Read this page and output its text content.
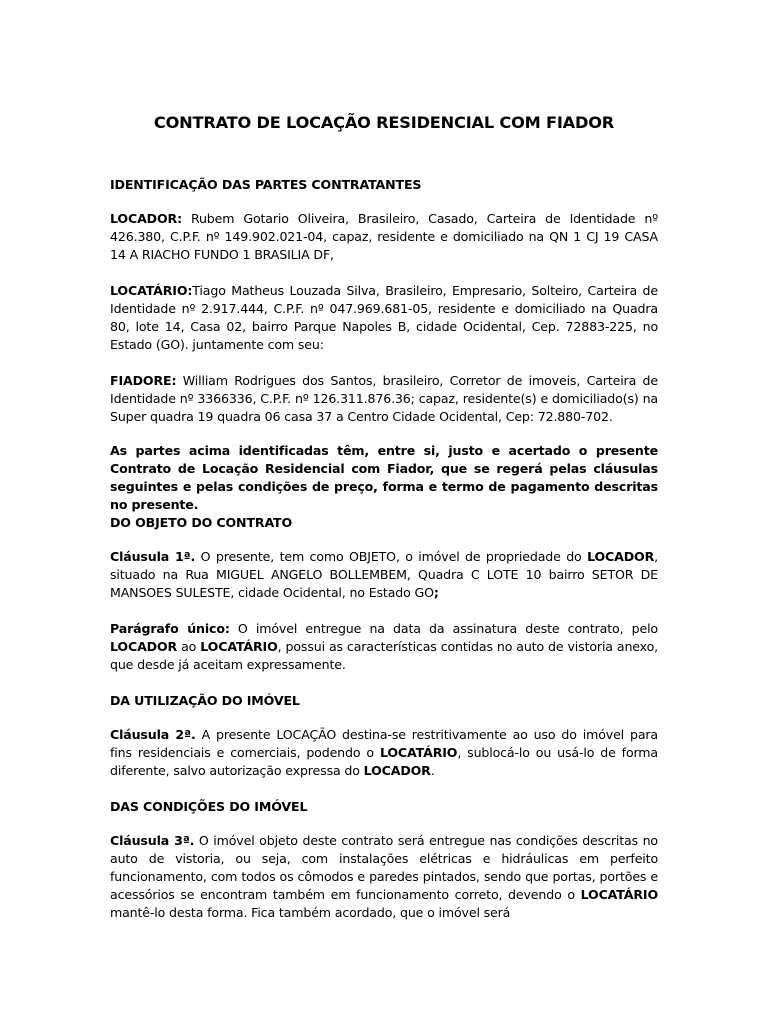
CONTRATO DE LOCAÇÃO RESIDENCIAL COM FIADOR

IDENTIFICAÇÃO DAS PARTES CONTRATANTES

LOCADOR: Rubem Gotario Oliveira, Brasileiro, Casado, Carteira de Identidade nº 426.380, C.P.F. nº 149.902.021-04, capaz, residente e domiciliado na QN 1 CJ 19 CASA 14 A RIACHO FUNDO 1 BRASILIA DF,

LOCATÁRIO:Tiago Matheus Louzada Silva, Brasileiro, Empresario, Solteiro, Carteira de Identidade nº 2.917.444, C.P.F. nº 047.969.681-05, residente e domiciliado na Quadra 80, lote 14, Casa 02, bairro Parque Napoles B, cidade Ocidental, Cep. 72883-225, no Estado (GO). juntamente com seu:

FIADORE: William Rodrigues dos Santos, brasileiro, Corretor de imoveis, Carteira de Identidade nº 3366336, C.P.F. nº 126.311.876.36; capaz, residente(s) e domiciliado(s) na Super quadra 19 quadra 06 casa 37 a Centro Cidade Ocidental, Cep: 72.880-702.

As partes acima identificadas têm, entre si, justo e acertado o presente Contrato de Locação Residencial com Fiador, que se regerá pelas cláusulas seguintes e pelas condições de preço, forma e termo de pagamento descritas no presente.

DO OBJETO DO CONTRATO

Cláusula 1ª. O presente, tem como OBJETO, o imóvel de propriedade do LOCADOR, situado na Rua MIGUEL ANGELO BOLLEMBEM, Quadra C LOTE 10 bairro SETOR DE MANSOES SULESTE, cidade Ocidental, no Estado GO;

Parágrafo único: O imóvel entregue na data da assinatura deste contrato, pelo LOCADOR ao LOCATÁRIO, possui as características contidas no auto de vistoria anexo, que desde já aceitam expressamente.

DA UTILIZAÇÃO DO IMÓVEL

Cláusula 2ª. A presente LOCAÇÃO destina-se restritivamente ao uso do imóvel para fins residenciais e comerciais, podendo o LOCATÁRIO, sublocá-lo ou usá-lo de forma diferente, salvo autorização expressa do LOCADOR.

DAS CONDIÇÕES DO IMÓVEL

Cláusula 3ª. O imóvel objeto deste contrato será entregue nas condições descritas no auto de vistoria, ou seja, com instalações elétricas e hidráulicas em perfeito funcionamento, com todos os cômodos e paredes pintados, sendo que portas, portões e acessórios se encontram também em funcionamento correto, devendo o LOCATÁRIO mantê-lo desta forma. Fica também acordado, que o imóvel será
